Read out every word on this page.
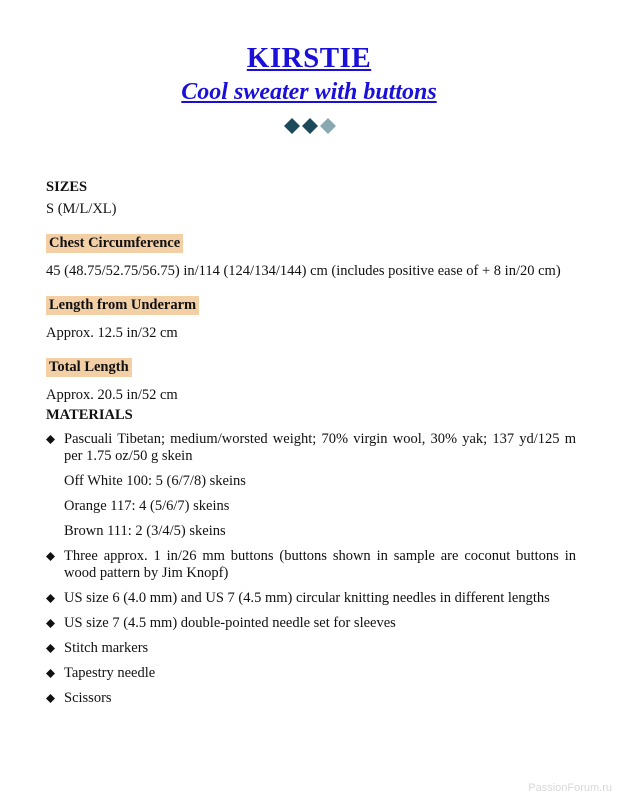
KIRSTIE
Cool sweater with buttons

SIZES

S (M/L/XL)

Chest Circumference

45 (48.75/52.75/56.75) in/114 (124/134/144) cm (includes positive ease of + 8 in/20 cm)

Length from Underarm

Approx. 12.5 in/32 cm

Total Length

Approx. 20.5 in/52 cm

MATERIALS

Pascuali Tibetan; medium/worsted weight; 70% virgin wool, 30% yak; 137 yd/125 m per 1.75 oz/50 g skein
Off White 100: 5 (6/7/8) skeins
Orange 117: 4 (5/6/7) skeins
Brown 111: 2 (3/4/5) skeins
Three approx. 1 in/26 mm buttons (buttons shown in sample are coconut buttons in wood pattern by Jim Knopf)
US size 6 (4.0 mm) and US 7 (4.5 mm) circular knitting needles in different lengths
US size 7 (4.5 mm) double-pointed needle set for sleeves
Stitch markers
Tapestry needle
Scissors
PassionForum.ru
